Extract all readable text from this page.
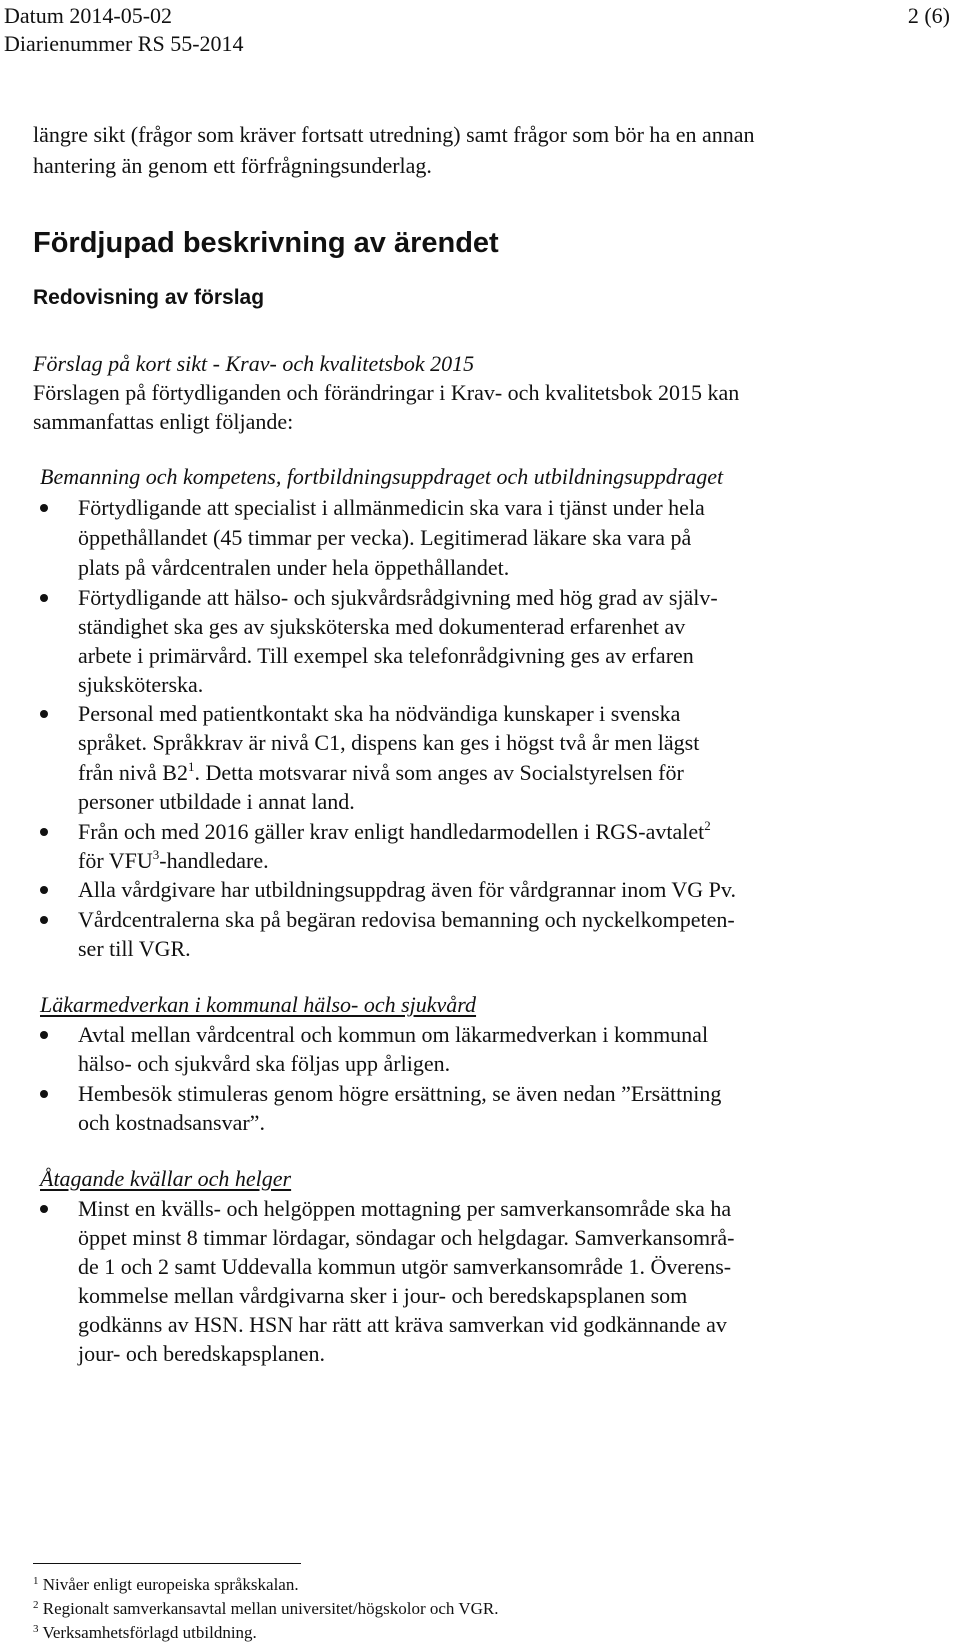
Datum 2014-05-02	2 (6)
Diarienummer RS 55-2014
längre sikt (frågor som kräver fortsatt utredning) samt frågor som bör ha en annan
hantering än genom ett förfrågningsunderlag.
Fördjupad beskrivning av ärendet
Redovisning av förslag
Förslag på kort sikt - Krav- och kvalitetsbok 2015
Förslagen på förtydliganden och förändringar i Krav- och kvalitetsbok 2015 kan
sammanfattas enligt följande:
Bemanning och kompetens, fortbildningsuppdraget och utbildningsuppdraget
Förtydligande att specialist i allmänmedicin ska vara i tjänst under hela
öppethållandet (45 timmar per vecka). Legitimerad läkare ska vara på
plats på vårdcentralen under hela öppethållandet.
Förtydligande att hälso- och sjukvårdsrådgivning med hög grad av själv-
ständighet ska ges av sjuksköterska med dokumenterad erfarenhet av
arbete i primärvård. Till exempel ska telefonrådgivning ges av erfaren
sjuksköterska.
Personal med patientkontakt ska ha nödvändiga kunskaper i svenska
språket. Språkkrav är nivå C1, dispens kan ges i högst två år men lägst
från nivå $B2^1$. Detta motsvarar nivå som anges av Socialstyrelsen för
personer utbildade i annat land.
Från och med 2016 gäller krav enligt handledarmodellen i RGS-avtalet$^2$
för VFU$^3$-handledare.
Alla vårdgivare har utbildningsuppdrag även för vårdgrannar inom VG Pv.
Vårdcentralerna ska på begäran redovisa bemanning och nyckelkompeten-
ser till VGR.
Läkarmedverkan i kommunal hälso- och sjukvård
Avtal mellan vårdcentral och kommun om läkarmedverkan i kommunal
hälso- och sjukvård ska följas upp årligen.
Hembesök stimuleras genom högre ersättning, se även nedan ”Ersättning
och kostnadsansvar”.
Åtagande kvällar och helger
Minst en kvälls- och helgöppen mottagning per samverkansområde ska ha
öppet minst 8 timmar lördagar, söndagar och helgdagar. Samverkansområ-
de 1 och 2 samt Uddevalla kommun utgör samverkansområde 1. Överens-
kommelse mellan vårdgivarna sker i jour- och beredskapsplanen som
godkänns av HSN. HSN har rätt att kräva samverkan vid godkännande av
jour- och beredskapsplanen.
$^1$ Nivåer enligt europeiska språkskalan.
$^2$ Regionalt samverkansavtal mellan universitet/högskolor och VGR.
$^3$ Verksamhetsförlagd utbildning.
